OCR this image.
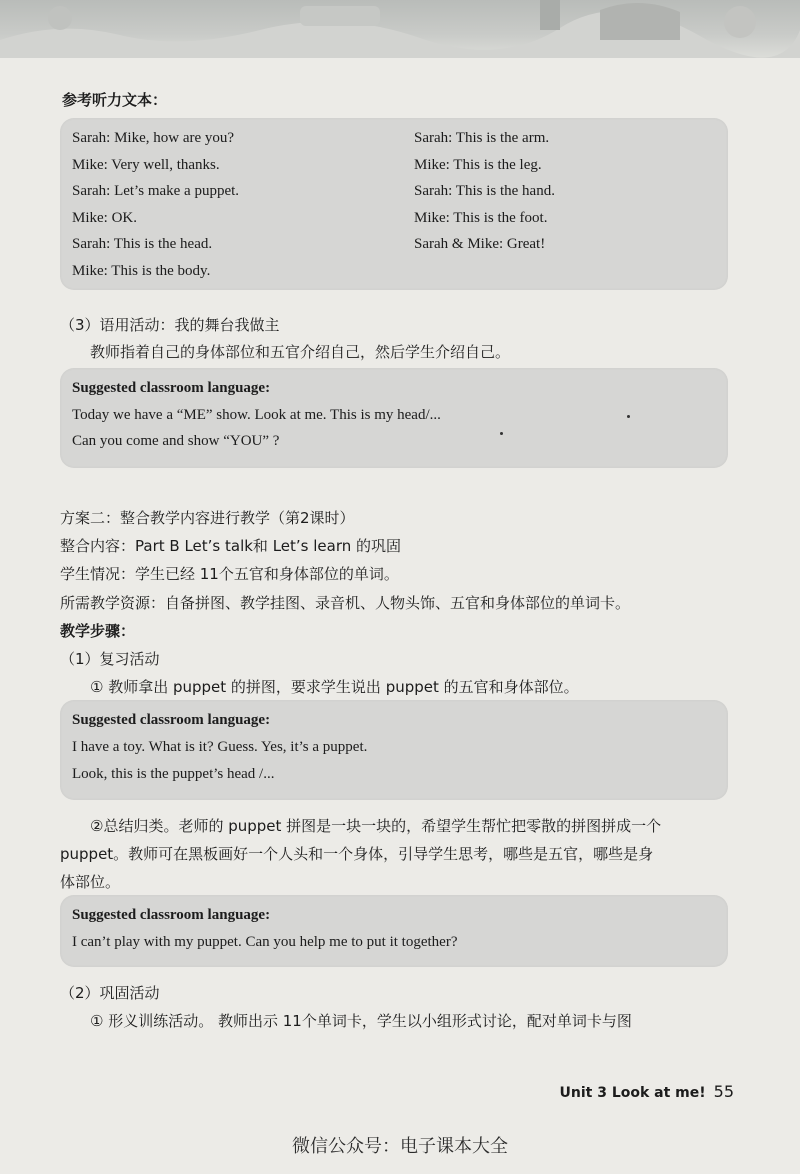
参考听力文本：
Sarah: Mike, how are you?
Mike: Very well, thanks.
Sarah: Let’s make a puppet.
Mike: OK.
Sarah: This is the head.
Mike: This is the body.
Sarah: This is the arm.
Mike: This is the leg.
Sarah: This is the hand.
Mike: This is the foot.
Sarah & Mike: Great!
（3）语用活动：我的舞台我做主
教师指着自己的身体部位和五官介绍自己，然后学生介绍自己。
Suggested classroom language:
Today we have a “ME” show. Look at me. This is my head/...
Can you come and show “YOU” ?
方案二：整合教学内容进行教学（第2课时）
整合内容：Part B Let’s talk和 Let’s learn 的巩固
学生情况：学生已经 11个五官和身体部位的单词。
所需教学资源：自备拼图、教学挂图、录音机、人物头饰、五官和身体部位的单词卡。
教学步骤：
（1）复习活动
① 教师拿出 puppet 的拼图，要求学生说出 puppet 的五官和身体部位。
Suggested classroom language:
I have a toy. What is it? Guess. Yes, it’s a puppet.
Look, this is the puppet’s head /...
②总结归类。老师的 puppet 拼图是一块一块的，希望学生帮忙把零散的拼图拼成一个
puppet。教师可在黑板画好一个人头和一个身体，引导学生思考，哪些是五官，哪些是身
体部位。
Suggested classroom language:
I can’t play with my puppet. Can you help me to put it together?
（2）巩固活动
① 形义训练活动。 教师出示 11个单词卡，学生以小组形式讨论，配对单词卡与图
Unit 3 Look at me! 55
微信公众号：电子课本大全
